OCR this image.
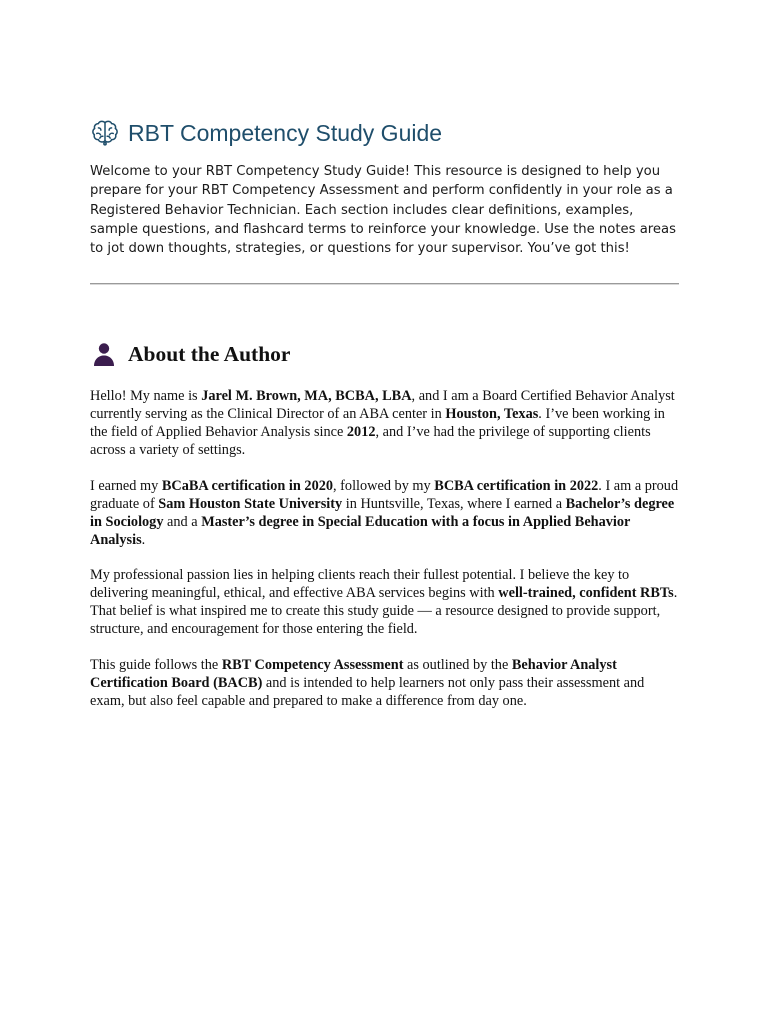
RBT Competency Study Guide

Welcome to your RBT Competency Study Guide! This resource is designed to help you prepare for your RBT Competency Assessment and perform confidently in your role as a Registered Behavior Technician. Each section includes clear definitions, examples, sample questions, and flashcard terms to reinforce your knowledge. Use the notes areas to jot down thoughts, strategies, or questions for your supervisor. You’ve got this!

About the Author

Hello! My name is Jarel M. Brown, MA, BCBA, LBA, and I am a Board Certified Behavior Analyst currently serving as the Clinical Director of an ABA center in Houston, Texas. I’ve been working in the field of Applied Behavior Analysis since 2012, and I’ve had the privilege of supporting clients across a variety of settings.

I earned my BCaBA certification in 2020, followed by my BCBA certification in 2022. I am a proud graduate of Sam Houston State University in Huntsville, Texas, where I earned a Bachelor’s degree in Sociology and a Master’s degree in Special Education with a focus in Applied Behavior Analysis.

My professional passion lies in helping clients reach their fullest potential. I believe the key to delivering meaningful, ethical, and effective ABA services begins with well-trained, confident RBTs. That belief is what inspired me to create this study guide — a resource designed to provide support, structure, and encouragement for those entering the field.

This guide follows the RBT Competency Assessment as outlined by the Behavior Analyst Certification Board (BACB) and is intended to help learners not only pass their assessment and exam, but also feel capable and prepared to make a difference from day one.
